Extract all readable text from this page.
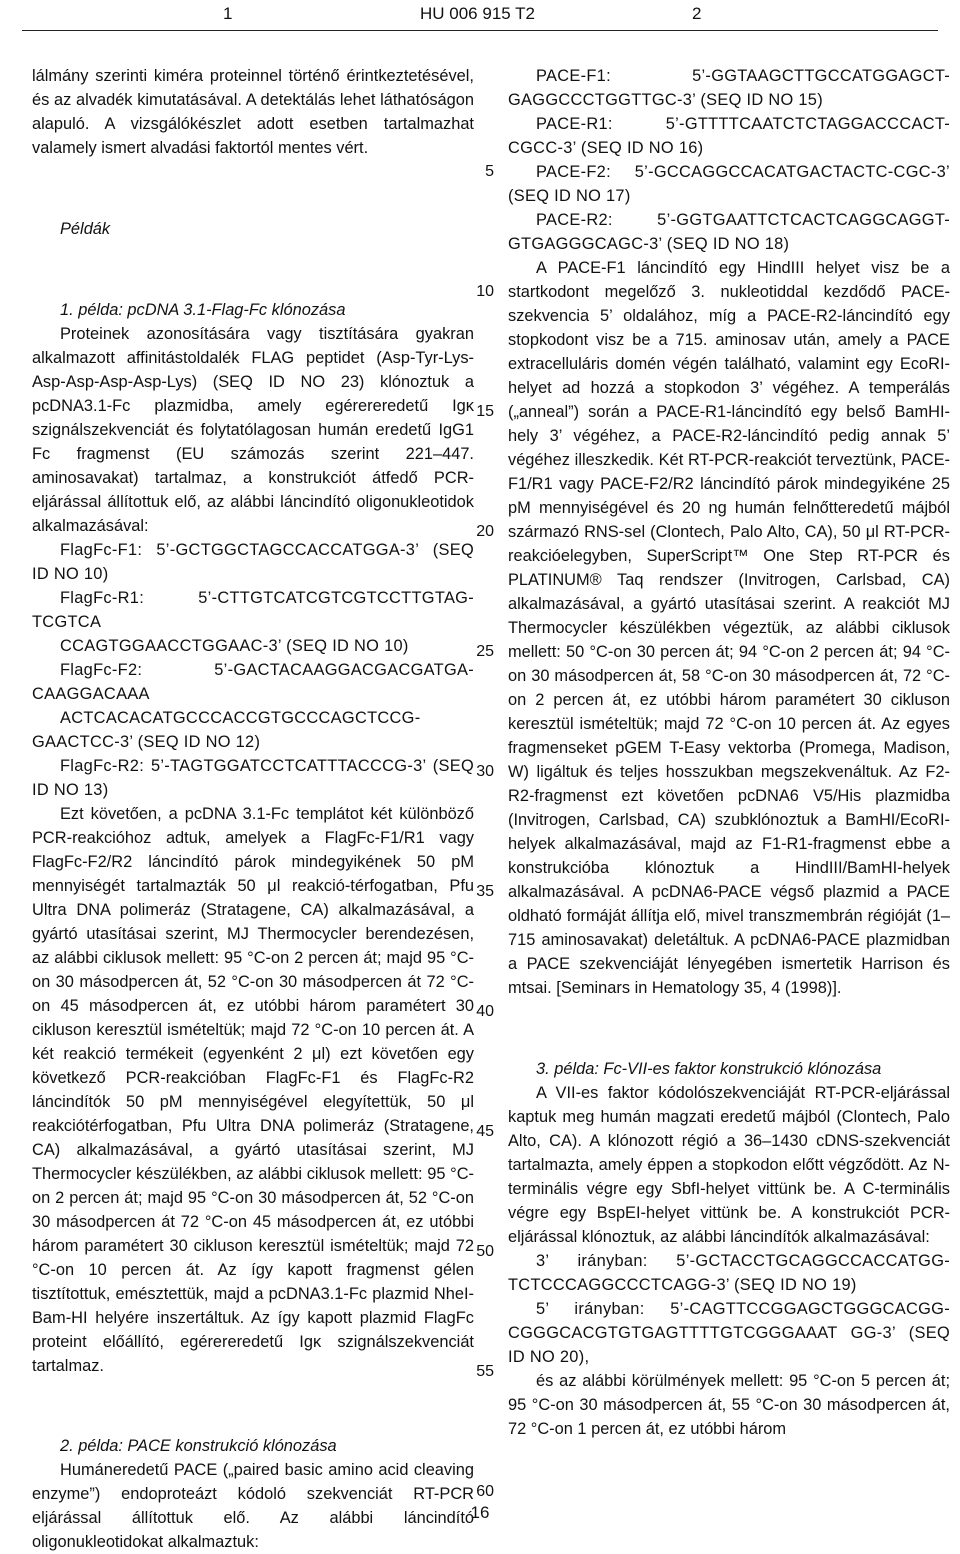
1	HU 006 915 T2	2

lálmány szerinti kiméra proteinnel történő érintkeztetésével, és az alvadék kimutatásával. A detektálás lehet láthatóságon alapuló. A vizsgálókészlet adott esetben tartalmazhat valamely ismert alvadási faktortól mentes vért.

Példák

1. példa: pcDNA 3.1-Flag-Fc klónozása

Proteinek azonosítására vagy tisztítására gyakran alkalmazott affinitástoldalék FLAG peptidet (Asp-Tyr-Lys-Asp-Asp-Asp-Asp-Lys) (SEQ ID NO 23) klónoztuk a pcDNA3.1-Fc plazmidba, amely egérereredetű Igκ szignálszekvenciát és folytatólagosan humán eredetű IgG1 Fc fragmenst (EU számozás szerint 221–447. aminosavakat) tartalmaz, a konstrukciót átfedő PCR-eljárással állítottuk elő, az alábbi láncindító oligonukleotidok alkalmazásával:

FlagFc-F1: 5’-GCTGGCTAGCCACCATGGA-3’ (SEQ ID NO 10)

FlagFc-R1: 5’-CTTGTCATCGTCGTCCTTGTAG-TCGTCA

CCAGTGGAACCTGGAAC-3’ (SEQ ID NO 10)

FlagFc-F2: 5’-GACTACAAGGACGACGATGA-CAAGGACAAA

ACTCACACATGCCCACCGTGCCCAGCTCCG-GAACTCC-3’ (SEQ ID NO 12)

FlagFc-R2: 5’-TAGTGGATCCTCATTTACCCG-3’ (SEQ ID NO 13)

Ezt követően, a pcDNA 3.1-Fc templátot két különböző PCR-reakcióhoz adtuk, amelyek a FlagFc-F1/R1 vagy FlagFc-F2/R2 láncindító párok mindegyikének 50 pM mennyiségét tartalmazták 50 μl reakció-térfogatban, Pfu Ultra DNA polimeráz (Stratagene, CA) alkalmazásával, a gyártó utasításai szerint, MJ Thermocycler berendezésen, az alábbi ciklusok mellett: 95 °C-on 2 percen át; majd 95 °C-on 30 másodpercen át, 52 °C-on 30 másodpercen át 72 °C-on 45 másodpercen át, ez utóbbi három paramétert 30 cikluson keresztül ismételtük; majd 72 °C-on 10 percen át. A két reakció termékeit (egyenként 2 μl) ezt követően egy következő PCR-reakcióban FlagFc-F1 és FlagFc-R2 láncindítók 50 pM mennyiségével elegyítettük, 50 μl reakciótérfogatban, Pfu Ultra DNA polimeráz (Stratagene, CA) alkalmazásával, a gyártó utasításai szerint, MJ Thermocycler készülékben, az alábbi ciklusok mellett: 95 °C-on 2 percen át; majd 95 °C-on 30 másodpercen át, 52 °C-on 30 másodpercen át 72 °C-on 45 másodpercen át, ez utóbbi három paramétert 30 cikluson keresztül ismételtük; majd 72 °C-on 10 percen át. Az így kapott fragmenst gélen tisztítottuk, emésztettük, majd a pcDNA3.1-Fc plazmid NheI-Bam-HI helyére inszertáltuk. Az így kapott plazmid FlagFc proteint előállító, egérereredetű Igκ szignálszekvenciát tartalmaz.

2. példa: PACE konstrukció klónozása

Humáneredetű PACE („paired basic amino acid cleaving enzyme”) endoproteázt kódoló szekvenciát RT-PCR eljárással állítottuk elő. Az alábbi láncindító oligonukleotidokat alkalmaztuk:

PACE-F1: 5’-GGTAAGCTTGCCATGGAGCT-GAGGCCCTGGTTGC-3’ (SEQ ID NO 15)

PACE-R1: 5’-GTTTTCAATCTCTAGGACCCACT-CGCC-3’ (SEQ ID NO 16)

PACE-F2: 5’-GCCAGGCCACATGACTACTC-CGC-3’ (SEQ ID NO 17)

PACE-R2: 5’-GGTGAATTCTCACTCAGGCAGGT-GTGAGGGCAGC-3’ (SEQ ID NO 18)

A PACE-F1 láncindító egy HindIII helyet visz be a startkodont megelőző 3. nukleotiddal kezdődő PACE-szekvencia 5’ oldalához, míg a PACE-R2-láncindító egy stopkodont visz be a 715. aminosav után, amely a PACE extracelluláris domén végén található, valamint egy EcoRI-helyet ad hozzá a stopkodon 3’ végéhez. A temperálás („anneal”) során a PACE-R1-láncindító egy belső BamHI-hely 3’ végéhez, a PACE-R2-láncindító pedig annak 5’ végéhez illeszkedik. Két RT-PCR-reakciót terveztünk, PACE-F1/R1 vagy PACE-F2/R2 láncindító párok mindegyikéne 25 pM mennyiségével és 20 ng humán felnőtteredetű májból származó RNS-sel (Clontech, Palo Alto, CA), 50 μl RT-PCR-reakcióelegyben, SuperScript™ One Step RT-PCR és PLATINUM® Taq rendszer (Invitrogen, Carlsbad, CA) alkalmazásával, a gyártó utasításai szerint. A reakciót MJ Thermocycler készülékben végeztük, az alábbi ciklusok mellett: 50 °C-on 30 percen át; 94 °C-on 2 percen át; 94 °C-on 30 másodpercen át, 58 °C-on 30 másodpercen át, 72 °C-on 2 percen át, ez utóbbi három paramétert 30 cikluson keresztül ismételtük; majd 72 °C-on 10 percen át. Az egyes fragmenseket pGEM T-Easy vektorba (Promega, Madison, W) ligáltuk és teljes hosszukban megszekvenáltuk. Az F2-R2-fragmenst ezt követően pcDNA6 V5/His plazmidba (Invitrogen, Carlsbad, CA) szubklónoztuk a BamHI/EcoRI-helyek alkalmazásával, majd az F1-R1-fragmenst ebbe a konstrukcióba klónoztuk a HindIII/BamHI-helyek alkalmazásával. A pcDNA6-PACE végső plazmid a PACE oldható formáját állítja elő, mivel transzmembrán régióját (1–715 aminosavakat) deletáltuk. A pcDNA6-PACE plazmidban a PACE szekvenciáját lényegében ismertetik Harrison és mtsai. [Seminars in Hematology 35, 4 (1998)].

3. példa: Fc-VII-es faktor konstrukció klónozása

A VII-es faktor kódolószekvenciáját RT-PCR-eljárással kaptuk meg humán magzati eredetű májból (Clontech, Palo Alto, CA). A klónozott régió a 36–1430 cDNS-szekvenciát tartalmazta, amely éppen a stopkodon előtt végződött. Az N-terminális végre egy SbfI-helyet vittünk be. A C-terminális végre egy BspEI-helyet vittünk be. A konstrukciót PCR-eljárással klónoztuk, az alábbi láncindítók alkalmazásával:

3’ irányban: 5’-GCTACCTGCAGGCCACCATGG-TCTCCCAGGCCCTCAGG-3’ (SEQ ID NO 19)

5’ irányban: 5’-CAGTTCCGGAGCTGGGCACGG-CGGGCACGTGTGAGTTTTGTCGGGAAAT GG-3’ (SEQ ID NO 20),

és az alábbi körülmények mellett: 95 °C-on 5 percen át; 95 °C-on 30 másodpercen át, 55 °C-on 30 másodpercen át, 72 °C-on 1 percen át, ez utóbbi három

5
10
15
20
25
30
35
40
45
50
55
60
16
